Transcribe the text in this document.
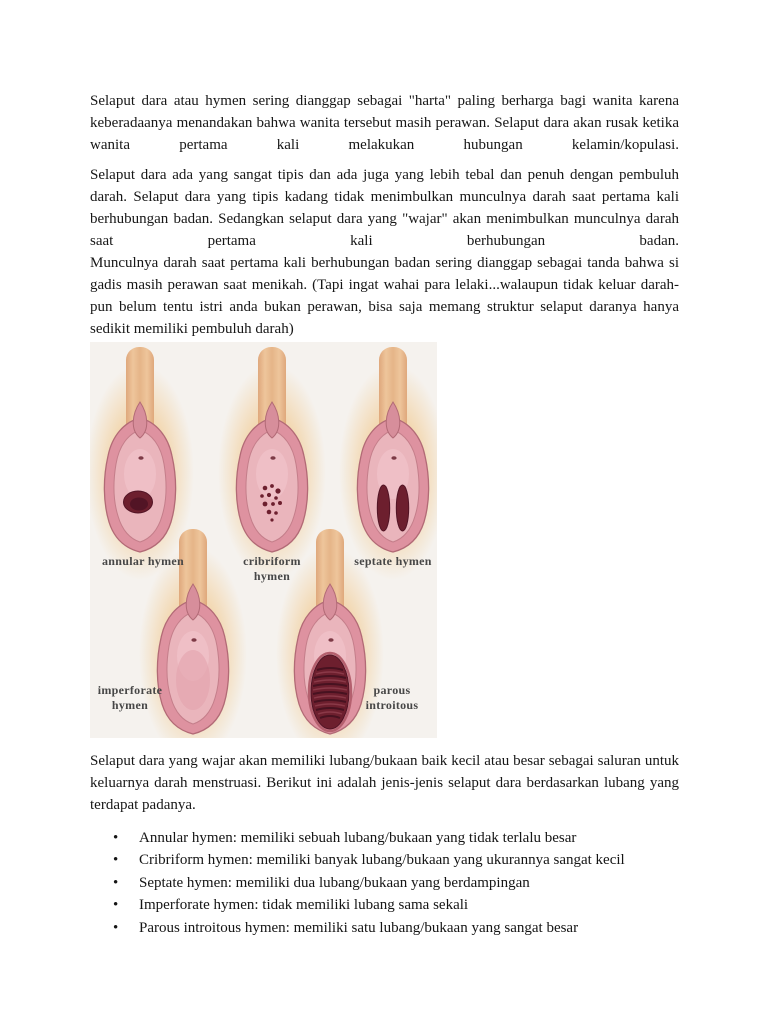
Selaput dara atau hymen sering dianggap sebagai "harta" paling berharga bagi wanita karena keberadaanya menandakan bahwa wanita tersebut masih perawan. Selaput dara akan rusak ketika wanita pertama kali melakukan hubungan kelamin/kopulasi.

Selaput dara ada yang sangat tipis dan ada juga yang lebih tebal dan penuh dengan pembuluh darah. Selaput dara yang tipis kadang tidak menimbulkan munculnya darah saat pertama kali berhubungan badan. Sedangkan selaput dara yang "wajar" akan menimbulkan munculnya darah saat pertama kali berhubungan badan.

Munculnya darah saat pertama kali berhubungan badan sering dianggap sebagai tanda bahwa si gadis masih perawan saat menikah. (Tapi ingat wahai para lelaki...walaupun tidak keluar darah-pun belum tentu istri anda bukan perawan, bisa saja memang struktur selaput daranya hanya sedikit memiliki pembuluh darah)

annular hymen	cribriform hymen
septate hymen
imperforate hymen
parous introitous

Selaput dara yang wajar akan memiliki lubang/bukaan baik kecil atau besar sebagai saluran untuk keluarnya darah menstruasi. Berikut ini adalah jenis-jenis selaput dara berdasarkan lubang yang terdapat padanya.

•	Annular hymen: memiliki sebuah lubang/bukaan yang tidak terlalu besar
•	Cribriform hymen: memiliki banyak lubang/bukaan yang ukurannya sangat kecil
•	Septate hymen: memiliki dua lubang/bukaan yang berdampingan
•	Imperforate hymen: tidak memiliki lubang sama sekali
•	Parous introitous hymen: memiliki satu lubang/bukaan yang sangat besar
